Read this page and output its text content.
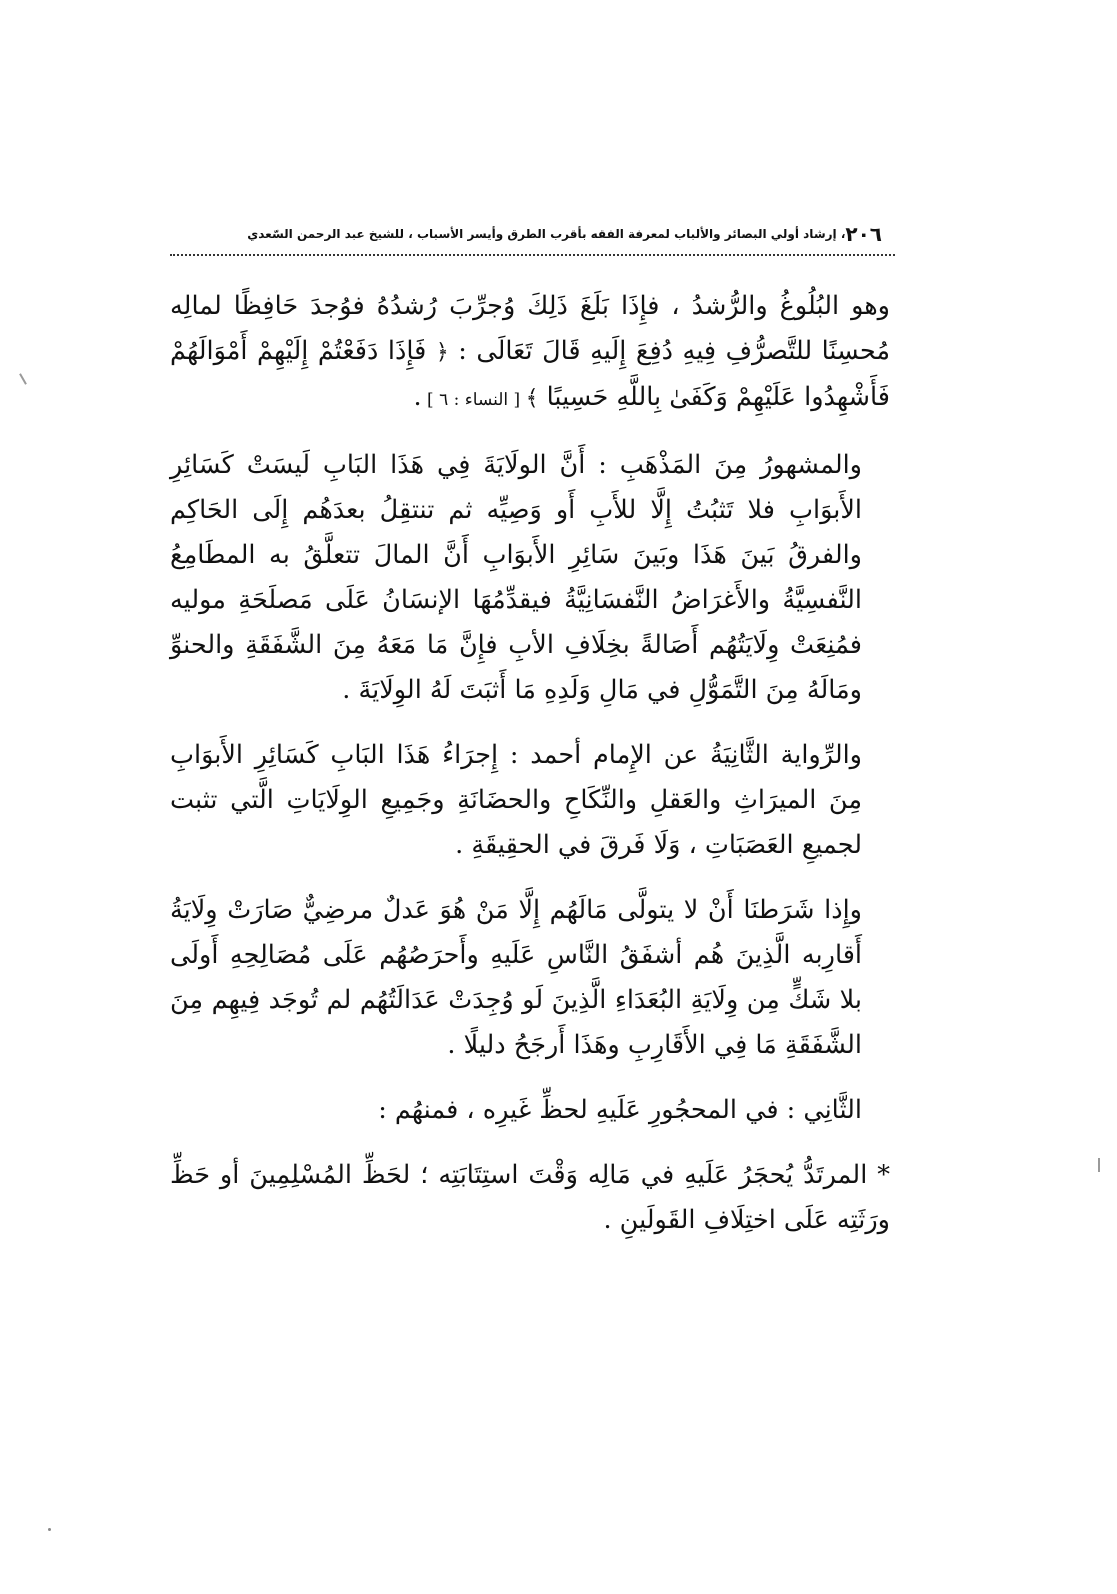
٢٠٦
، إرشاد أولي البصائر والألباب لمعرفة الفقه بأقرب الطرق وأيسر الأسباب ، للشيخ عبد الرحمن السّعدي

وهو البُلُوغُ والرُّشدُ ، فإِذَا بَلَغَ ذَلِكَ وُجرِّبَ رُشدُهُ فوُجدَ حَافِظًا لمالِه مُحسِنًا للتَّصرُّفِ فِيهِ دُفِعَ إِلَيهِ قَالَ تَعَالَى : ﴿ فَإِذَا دَفَعْتُمْ إِلَيْهِمْ أَمْوَالَهُمْ فَأَشْهِدُوا عَلَيْهِمْ وَكَفَىٰ بِاللَّهِ حَسِيبًا ﴾ [ النساء : ٦ ] .

والمشهورُ مِنَ المَذْهَبِ : أَنَّ الولَايَةَ فِي هَذَا البَابِ لَيسَتْ كَسَائِرِ الأَبوَابِ فلا تَثبُتُ إِلَّا للأَبِ أَو وَصِيِّه ثم تنتقِلُ بعدَهُم إِلَى الحَاكِم والفرقُ بَينَ هَذَا وبَينَ سَائِرِ الأَبوَابِ أَنَّ المالَ تتعلَّقُ به المطَامِعُ النَّفسِيَّةُ والأَغرَاضُ النَّفسَانِيَّةُ فيقدِّمُهَا الإنسَانُ عَلَى مَصلَحَةِ موليه فمُنِعَتْ وِلَايَتُهُم أَصَالةً بخِلَافِ الأبِ فإِنَّ مَا مَعَهُ مِنَ الشَّفَقَةِ والحنوِّ ومَالَهُ مِنَ التَّمَوُّلِ في مَالِ وَلَدِهِ مَا أَثبَتَ لَهُ الوِلَايَةَ .

والرِّواية الثَّانِيَةُ عن الإِمام أحمد : إِجرَاءُ هَذَا البَابِ كَسَائِرِ الأَبوَابِ مِنَ الميرَاثِ والعَقلِ والنِّكَاحِ والحضَانَةِ وجَمِيعِ الوِلَايَاتِ الَّتي تثبت لجميعِ العَصَبَاتِ ، وَلَا فَرقَ في الحقِيقَةِ .

وإِذا شَرَطنَا أَنْ لا يتولَّى مَالَهُم إِلَّا مَنْ هُوَ عَدلٌ مرضِيٌّ صَارَتْ وِلَايَةُ أَقارِبه الَّذِينَ هُم أشفَقُ النَّاسِ عَلَيهِ وأَحرَصُهُم عَلَى مُصَالِحِهِ أَولَى بلا شَكٍّ مِن وِلَايَةِ البُعَدَاءِ الَّذِينَ لَو وُجِدَتْ عَدَالَتُهُم لم تُوجَد فِيهِم مِنَ الشَّفَقَةِ مَا فِي الأَقَارِبِ وهَذَا أَرجَحُ دليلًا .

الثَّانِي : في المحجُورِ عَلَيهِ لحظِّ غَيرِه ، فمنهُم :

* المرتَدُّ يُحجَرُ عَلَيهِ في مَالِه وَقْتَ استِتَابَتِه ؛ لحَظِّ المُسْلِمِينَ أو حَظِّ ورَثَتِه عَلَى اختِلَافِ القَولَينِ .
